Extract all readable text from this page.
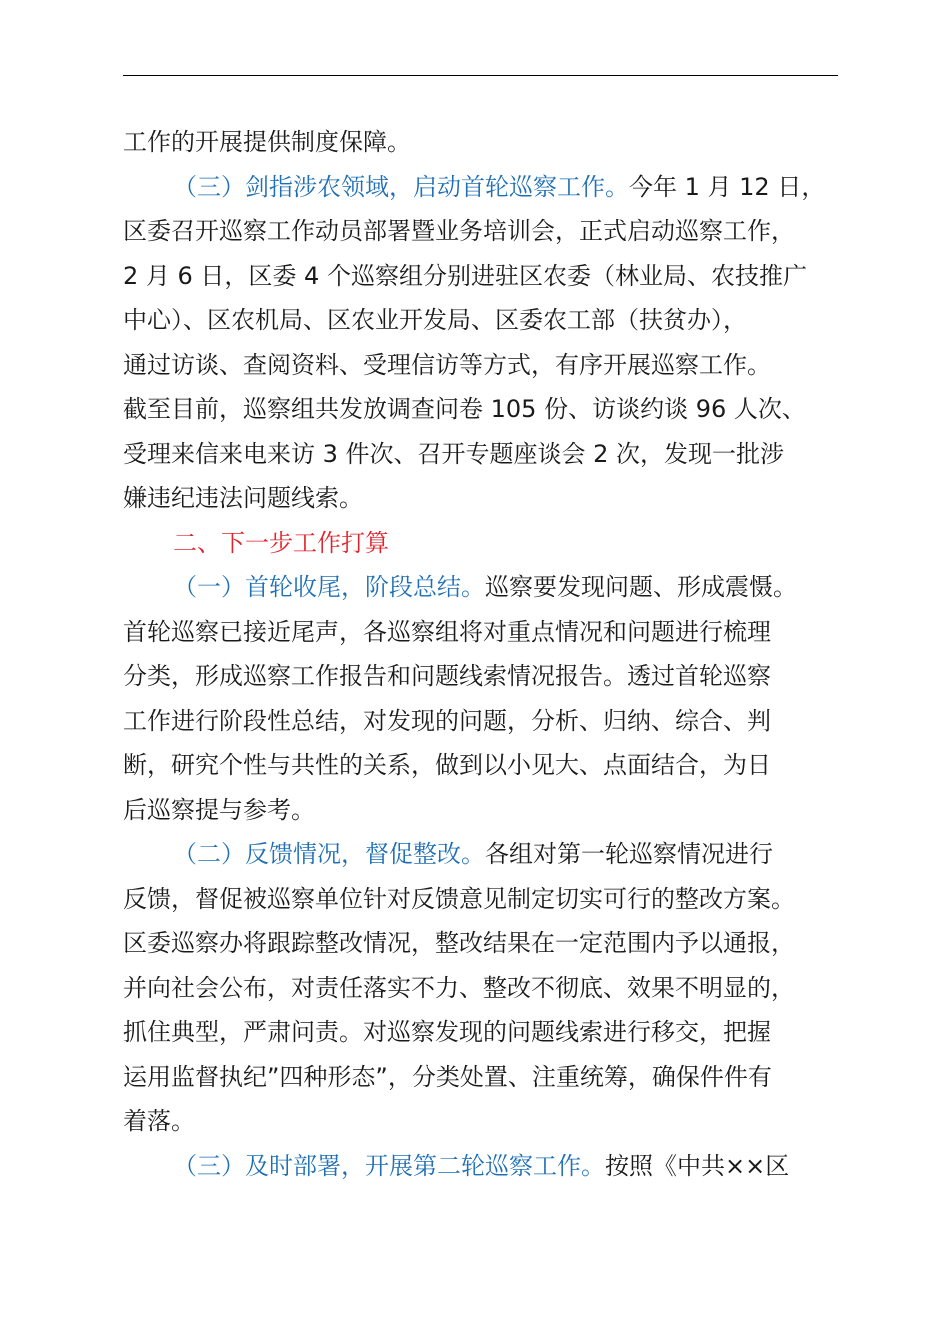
工作的开展提供制度保障。
（三）剑指涉农领域，启动首轮巡察工作。今年 1 月 12 日，
区委召开巡察工作动员部署暨业务培训会，正式启动巡察工作，
2 月 6 日，区委 4 个巡察组分别进驻区农委（林业局、农技推广
中心）、区农机局、区农业开发局、区委农工部（扶贫办），
通过访谈、查阅资料、受理信访等方式，有序开展巡察工作。
截至目前，巡察组共发放调查问卷 105 份、访谈约谈 96 人次、
受理来信来电来访 3 件次、召开专题座谈会 2 次，发现一批涉
嫌违纪违法问题线索。
二、下一步工作打算
（一）首轮收尾，阶段总结。巡察要发现问题、形成震慑。
首轮巡察已接近尾声，各巡察组将对重点情况和问题进行梳理
分类，形成巡察工作报告和问题线索情况报告。透过首轮巡察
工作进行阶段性总结，对发现的问题，分析、归纳、综合、判
断，研究个性与共性的关系，做到以小见大、点面结合，为日
后巡察提与参考。
（二）反馈情况，督促整改。各组对第一轮巡察情况进行
反馈，督促被巡察单位针对反馈意见制定切实可行的整改方案。
区委巡察办将跟踪整改情况，整改结果在一定范围内予以通报，
并向社会公布，对责任落实不力、整改不彻底、效果不明显的，
抓住典型，严肃问责。对巡察发现的问题线索进行移交，把握
运用监督执纪”四种形态”，分类处置、注重统筹，确保件件有
着落。
（三）及时部署，开展第二轮巡察工作。按照《中共××区
